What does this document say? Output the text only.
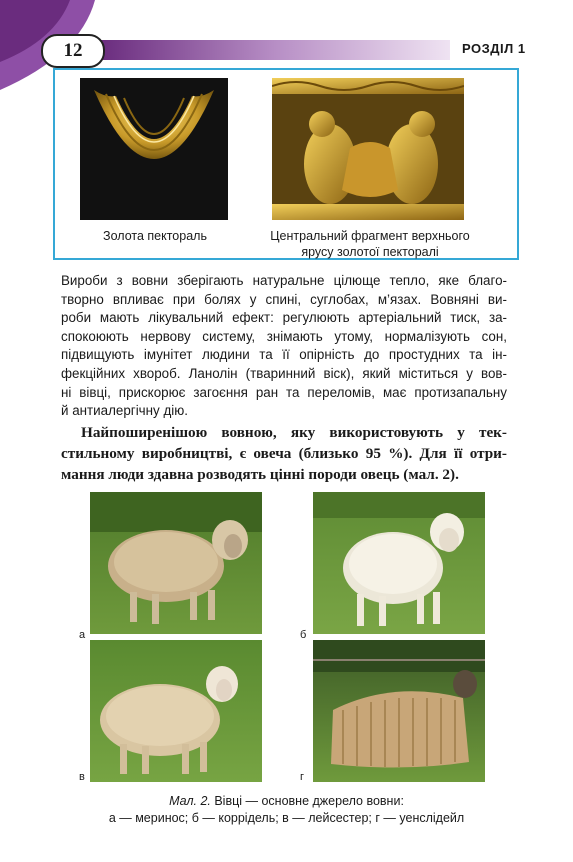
12	РОЗДІЛ 1
Золота пектораль	Центральний фрагмент верхнього
ярусу золотої пекторалі
Вироби з вовни зберігають натуральне цілюще тепло, яке благо-
творно впливає при болях у спині, суглобах, м’язах. Вовняні ви-
роби мають лікувальний ефект: регулюють артеріальний тиск, за-
спокоюють нервову систему, знімають утому, нормалізують сон,
підвищують імунітет людини та її опірність до простудних та ін-
фекційних хвороб. Ланолін (тваринний віск), який міститься у вов-
ні вівці, прискорює загоєння ран та переломів, має протизапальну
й антиалергічну дію.
Найпоширенішою вовною, яку використовують у тек-
стильному виробництві, є овеча (близько 95 %). Для її отри-
мання люди здавна розводять цінні породи овець (мал. 2).
а	б
в	г
Мал. 2. Вівці — основне джерело вовни:
а — меринос; б — коррідель; в — лейсестер; г — уенслідейл
